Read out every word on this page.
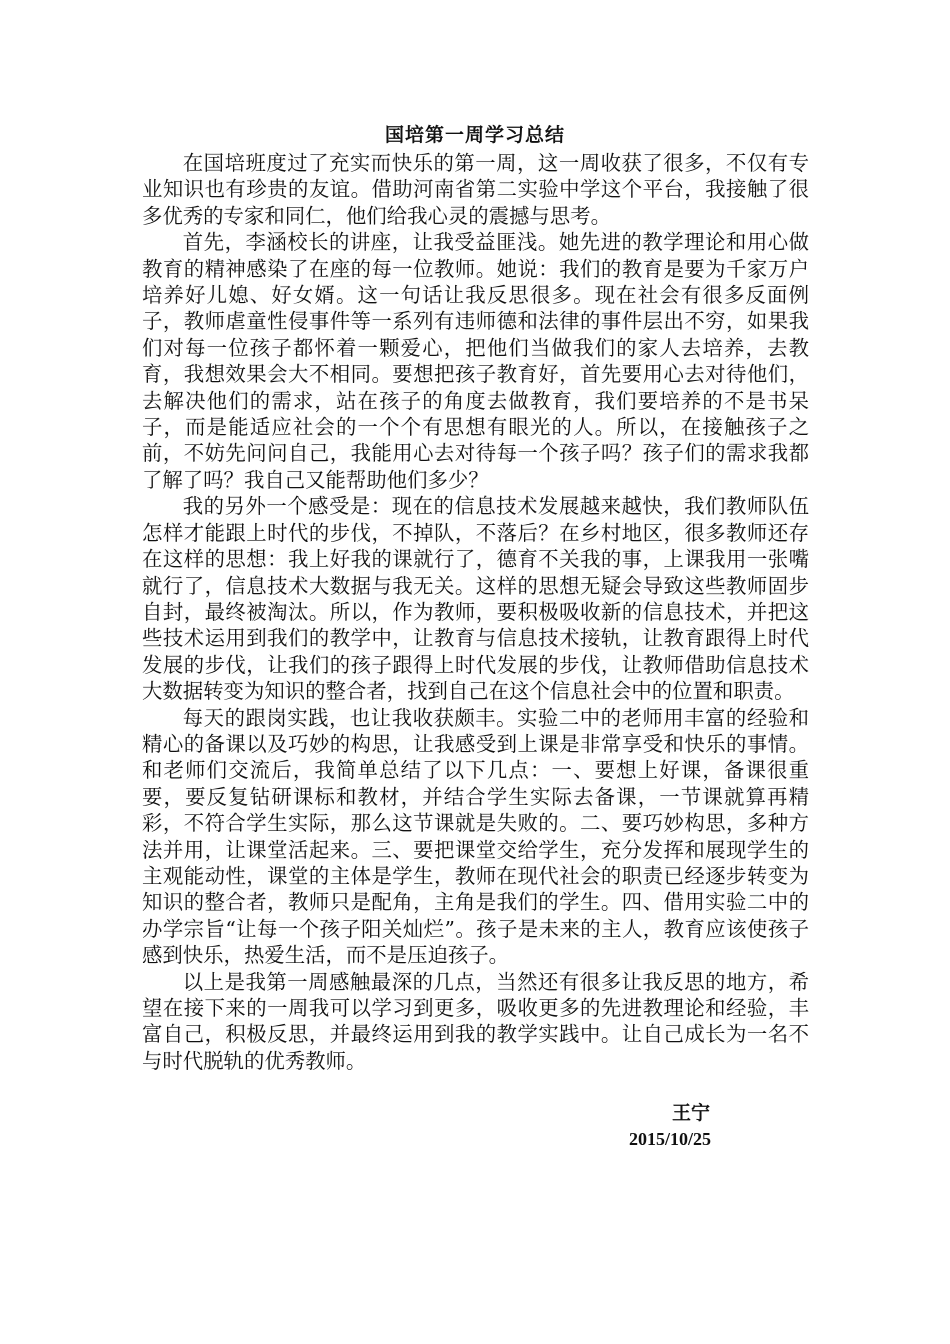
国培第一周学习总结

在国培班度过了充实而快乐的第一周，这一周收获了很多，不仅有专业知识也有珍贵的友谊。借助河南省第二实验中学这个平台，我接触了很多优秀的专家和同仁，他们给我心灵的震撼与思考。

首先，李涵校长的讲座，让我受益匪浅。她先进的教学理论和用心做教育的精神感染了在座的每一位教师。她说：我们的教育是要为千家万户培养好儿媳、好女婿。这一句话让我反思很多。现在社会有很多反面例子，教师虐童性侵事件等一系列有违师德和法律的事件层出不穷，如果我们对每一位孩子都怀着一颗爱心，把他们当做我们的家人去培养，去教育，我想效果会大不相同。要想把孩子教育好，首先要用心去对待他们，去解决他们的需求，站在孩子的角度去做教育，我们要培养的不是书呆子，而是能适应社会的一个个有思想有眼光的人。所以，在接触孩子之前，不妨先问问自己，我能用心去对待每一个孩子吗？孩子们的需求我都了解了吗？我自己又能帮助他们多少？

我的另外一个感受是：现在的信息技术发展越来越快，我们教师队伍怎样才能跟上时代的步伐，不掉队，不落后？在乡村地区，很多教师还存在这样的思想：我上好我的课就行了，德育不关我的事，上课我用一张嘴就行了，信息技术大数据与我无关。这样的思想无疑会导致这些教师固步自封，最终被淘汰。所以，作为教师，要积极吸收新的信息技术，并把这些技术运用到我们的教学中，让教育与信息技术接轨，让教育跟得上时代发展的步伐，让我们的孩子跟得上时代发展的步伐，让教师借助信息技术大数据转变为知识的整合者，找到自己在这个信息社会中的位置和职责。

每天的跟岗实践，也让我收获颇丰。实验二中的老师用丰富的经验和精心的备课以及巧妙的构思，让我感受到上课是非常享受和快乐的事情。和老师们交流后，我简单总结了以下几点：一、要想上好课，备课很重要，要反复钻研课标和教材，并结合学生实际去备课，一节课就算再精彩，不符合学生实际，那么这节课就是失败的。二、要巧妙构思，多种方法并用，让课堂活起来。三、要把课堂交给学生，充分发挥和展现学生的主观能动性，课堂的主体是学生，教师在现代社会的职责已经逐步转变为知识的整合者，教师只是配角，主角是我们的学生。四、借用实验二中的办学宗旨“让每一个孩子阳关灿烂”。孩子是未来的主人，教育应该使孩子感到快乐，热爱生活，而不是压迫孩子。

以上是我第一周感触最深的几点，当然还有很多让我反思的地方，希望在接下来的一周我可以学习到更多，吸收更多的先进教理论和经验，丰富自己，积极反思，并最终运用到我的教学实践中。让自己成长为一名不与时代脱轨的优秀教师。

王宁
2015/10/25
